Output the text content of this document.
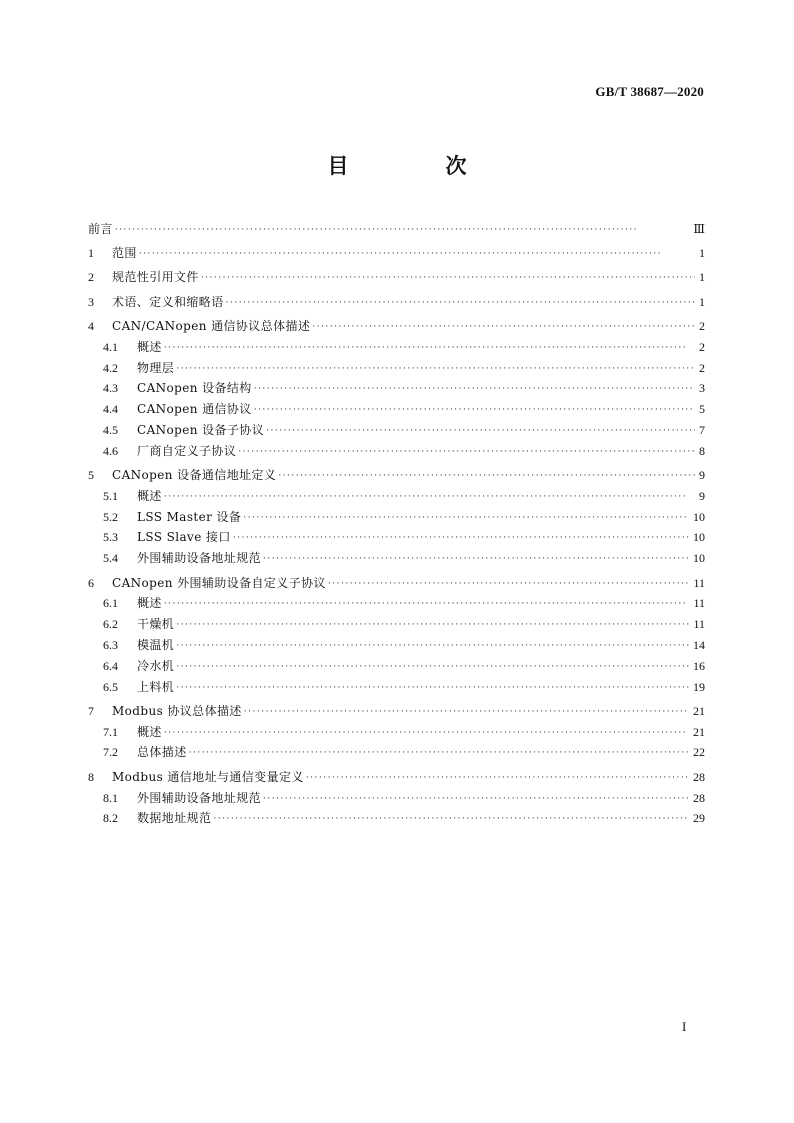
GB/T 38687—2020
目　次
前言 ·····	Ⅲ
1	范围 ·····	1
2	规范性引用文件 ·····	1
3	术语、定义和缩略语 ·····	1
4	CAN/CANopen 通信协议总体描述 ·····	2
4.1	概述 ·····	2
4.2	物理层 ·····	2
4.3	CANopen 设备结构 ·····	3
4.4	CANopen 通信协议 ·····	5
4.5	CANopen 设备子协议 ·····	7
4.6	厂商自定义子协议 ·····	8
5	CANopen 设备通信地址定义 ·····	9
5.1	概述 ·····	9
5.2	LSS Master 设备 ·····	10
5.3	LSS Slave 接口 ·····	10
5.4	外围辅助设备地址规范 ·····	10
6	CANopen 外围辅助设备自定义子协议 ·····	11
6.1	概述 ·····	11
6.2	干燥机 ·····	11
6.3	模温机 ·····	14
6.4	冷水机 ·····	16
6.5	上料机 ·····	19
7	Modbus 协议总体描述 ·····	21
7.1	概述 ·····	21
7.2	总体描述 ·····	22
8	Modbus 通信地址与通信变量定义 ·····	28
8.1	外围辅助设备地址规范 ·····	28
8.2	数据地址规范 ·····	29
I
